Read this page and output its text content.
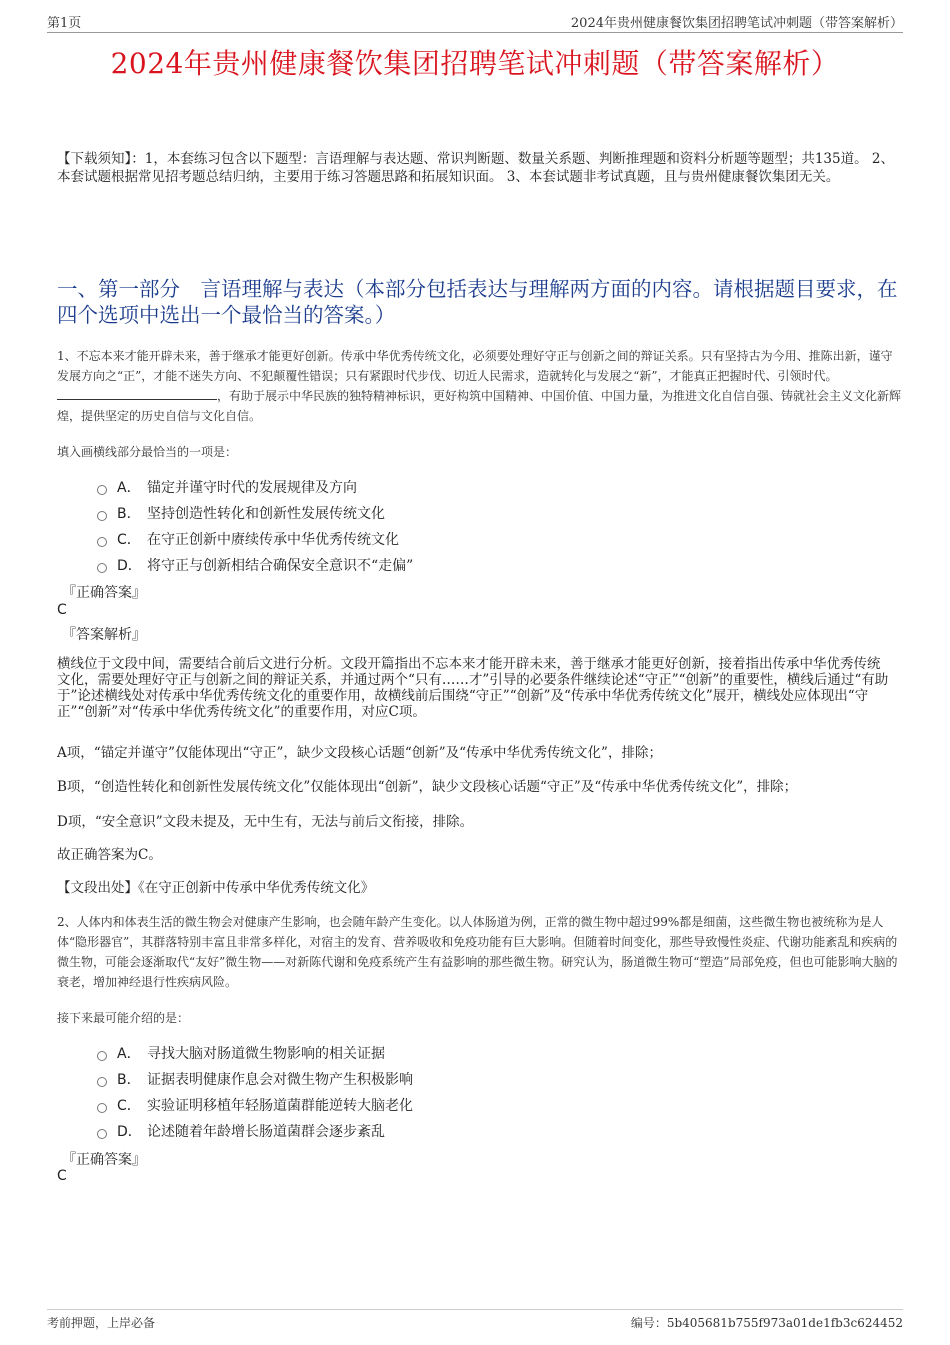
第1页	2024年贵州健康餐饮集团招聘笔试冲刺题（带答案解析）
2024年贵州健康餐饮集团招聘笔试冲刺题（带答案解析）
【下载须知】：1，本套练习包含以下题型：言语理解与表达题、常识判断题、数量关系题、判断推理题和资料分析题等题型；共135道。 2、本套试题根据常见招考题总结归纳，主要用于练习答题思路和拓展知识面。 3、本套试题非考试真题，且与贵州健康餐饮集团无关。
一、第一部分　言语理解与表达（本部分包括表达与理解两方面的内容。请根据题目要求，在四个选项中选出一个最恰当的答案。）
1、不忘本来才能开辟未来，善于继承才能更好创新。传承中华优秀传统文化，必须要处理好守正与创新之间的辩证关系。只有坚持古为今用、推陈出新，谨守发展方向之“正”，才能不迷失方向、不犯颠覆性错误；只有紧跟时代步伐、切近人民需求，造就转化与发展之“新”，才能真正把握时代、引领时代。，有助于展示中华民族的独特精神标识，更好构筑中国精神、中国价值、中国力量，为推进文化自信自强、铸就社会主义文化新辉煌，提供坚定的历史自信与文化自信。
填入画横线部分最恰当的一项是：
A． 锚定并谨守时代的发展规律及方向
B． 坚持创造性转化和创新性发展传统文化
C． 在守正创新中赓续传承中华优秀传统文化
D． 将守正与创新相结合确保安全意识不“走偏”
『正确答案』
C
『答案解析』
横线位于文段中间，需要结合前后文进行分析。文段开篇指出不忘本来才能开辟未来，善于继承才能更好创新，接着指出传承中华优秀传统文化，需要处理好守正与创新之间的辩证关系，并通过两个“只有……才”引导的必要条件继续论述“守正”“创新”的重要性，横线后通过“有助于”论述横线处对传承中华优秀传统文化的重要作用，故横线前后围绕“守正”“创新”及“传承中华优秀传统文化”展开，横线处应体现出“守正”“创新”对“传承中华优秀传统文化”的重要作用，对应C项。
A项，“锚定并谨守”仅能体现出“守正”，缺少文段核心话题“创新”及“传承中华优秀传统文化”，排除；
B项，“创造性转化和创新性发展传统文化”仅能体现出“创新”，缺少文段核心话题“守正”及“传承中华优秀传统文化”，排除；
D项，“安全意识”文段未提及，无中生有，无法与前后文衔接，排除。
故正确答案为C。
【文段出处】《在守正创新中传承中华优秀传统文化》
2、人体内和体表生活的微生物会对健康产生影响，也会随年龄产生变化。以人体肠道为例，正常的微生物中超过99%都是细菌，这些微生物也被统称为是人体“隐形器官”，其群落特别丰富且非常多样化，对宿主的发育、营养吸收和免疫功能有巨大影响。但随着时间变化，那些导致慢性炎症、代谢功能紊乱和疾病的微生物，可能会逐渐取代“友好”微生物——对新陈代谢和免疫系统产生有益影响的那些微生物。研究认为，肠道微生物可“塑造”局部免疫，但也可能影响大脑的衰老，增加神经退行性疾病风险。
接下来最可能介绍的是：
A． 寻找大脑对肠道微生物影响的相关证据
B． 证据表明健康作息会对微生物产生积极影响
C． 实验证明移植年轻肠道菌群能逆转大脑老化
D． 论述随着年龄增长肠道菌群会逐步紊乱
『正确答案』
C
考前押题，上岸必备	编号：5b405681b755f973a01de1fb3c624452
